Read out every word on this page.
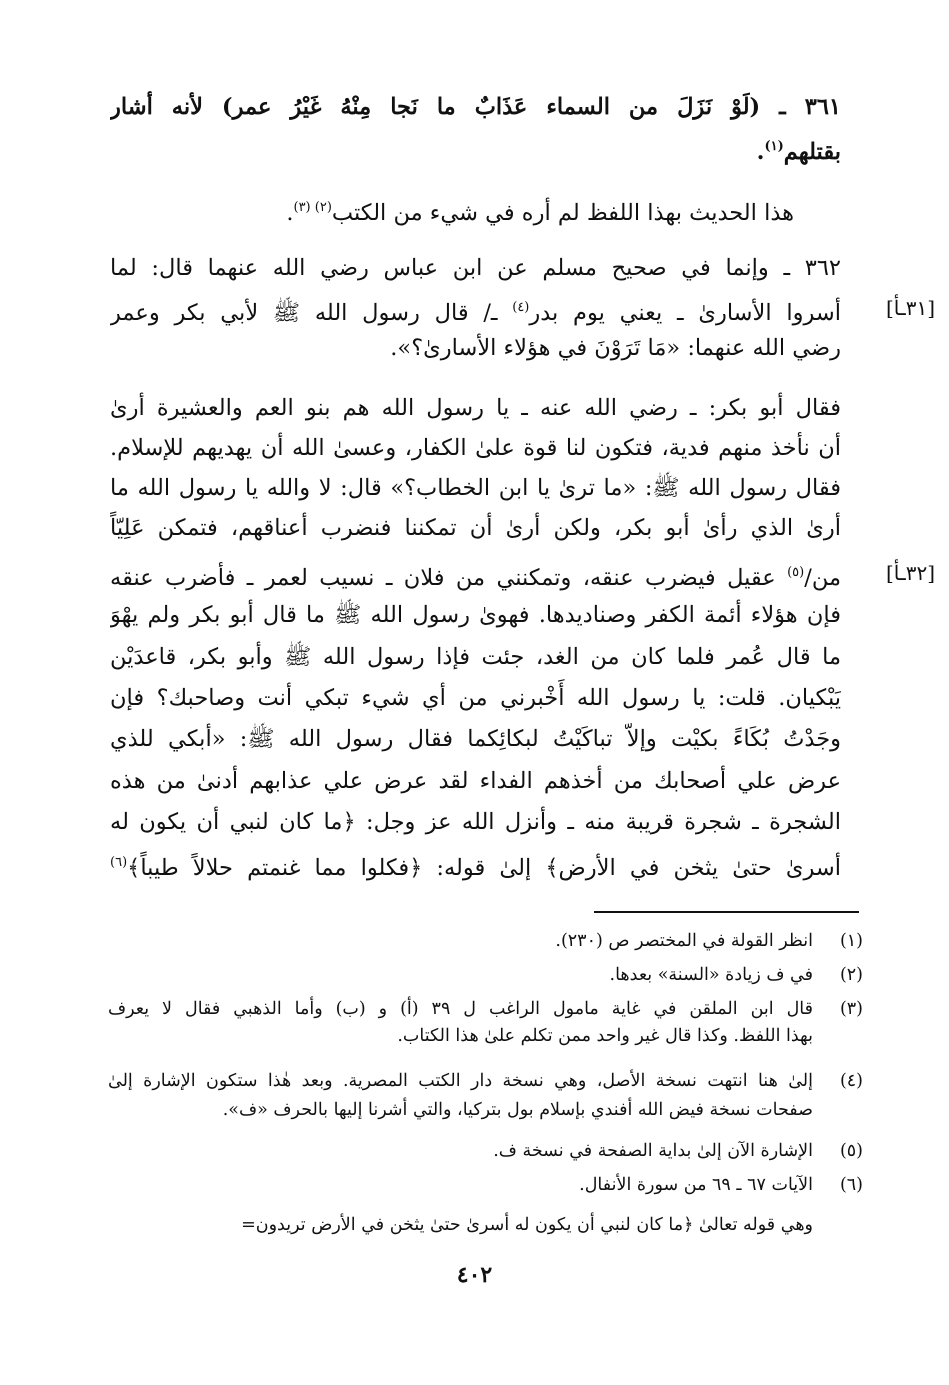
٣٦١ ـ (لَوْ نَزَلَ من السماء عَذَابٌ ما نَجا مِنْهُ غَيْرُ عمر) لأنه أشار
بقتلهم$^{(١)}$.
هذا الحديث بهذا اللفظ لم أره في شيء من الكتب$^{(٢) (٣)}$.
٣٦٢ ـ وإنما في صحيح مسلم عن ابن عباس رضي الله عنهما قال: لما
أسروا الأسارىٰ ـ يعني يوم بدر$^{(٤)}$ ـ/ قال رسول الله ﷺ لأبي بكر وعمر
رضي الله عنهما: «مَا تَرَوْنَ في هؤلاء الأسارىٰ؟».
فقال أبو بكر: ـ رضي الله عنه ـ يا رسول الله هم بنو العم والعشيرة أرىٰ
أن نأخذ منهم فدية، فتكون لنا قوة علىٰ الكفار، وعسىٰ الله أن يهديهم للإسلام.
فقال رسول الله ﷺ: «ما ترىٰ يا ابن الخطاب؟» قال: لا والله يا رسول الله ما
أرىٰ الذي رأىٰ أبو بكر، ولكن أرىٰ أن تمكننا فنضرب أعناقهم، فتمكن عَلِيّاً
من/$^{(٥)}$ عقيل فيضرب عنقه، وتمكنني من فلان ـ نسيب لعمر ـ فأضرب عنقه
فإن هؤلاء أئمة الكفر وصناديدها. فهوىٰ رسول الله ﷺ ما قال أبو بكر ولم يهْوَ
ما قال عُمر فلما كان من الغد، جئت فإذا رسول الله ﷺ وأبو بكر، قاعدَيْن
يَبْكيان. قلت: يا رسول الله أَخْبرني من أي شيء تبكي أنت وصاحبك؟ فإن
وجَدْتُ بُكَاءً بكيْت وإلاّ تباكَيْتُ لبكائِكما فقال رسول الله ﷺ: «أبكي للذي
عرض علي أصحابك من أخذهم الفداء لقد عرض علي عذابهم أدنىٰ من هذه
الشجرة ـ شجرة قريبة منه ـ وأنزل الله عز وجل: ﴿ما كان لنبي أن يكون له
أسرىٰ حتىٰ يثخن في الأرض﴾ إلىٰ قوله: ﴿فكلوا مما غنمتم حلالاً طيباً﴾$^{(٦)}$
[٣١ـأ]
[٣٢ـأ]
(١)
انظر القولة في المختصر ص (٢٣٠).
(٢)
في ف زيادة «السنة» بعدها.
(٣)
قال ابن الملقن في غاية مامول الراغب ل ٣٩ (أ) و (ب) وأما الذهبي فقال لا يعرف
بهذا اللفظ. وكذا قال غير واحد ممن تكلم علىٰ هذا الكتاب.
(٤)
إلىٰ هنا انتهت نسخة الأصل، وهي نسخة دار الكتب المصرية. وبعد هٰذا ستكون الإشارة إلىٰ
صفحات نسخة فيض الله أفندي بإسلام بول بتركيا، والتي أشرنا إليها بالحرف «ف».
(٥)
الإشارة الآن إلىٰ بداية الصفحة في نسخة ف.
(٦)
الآيات ٦٧ ـ ٦٩ من سورة الأنفال.
وهي قوله تعالىٰ ﴿ما كان لنبي أن يكون له أسرىٰ حتىٰ يثخن في الأرض تريدون=
٤٠٢
